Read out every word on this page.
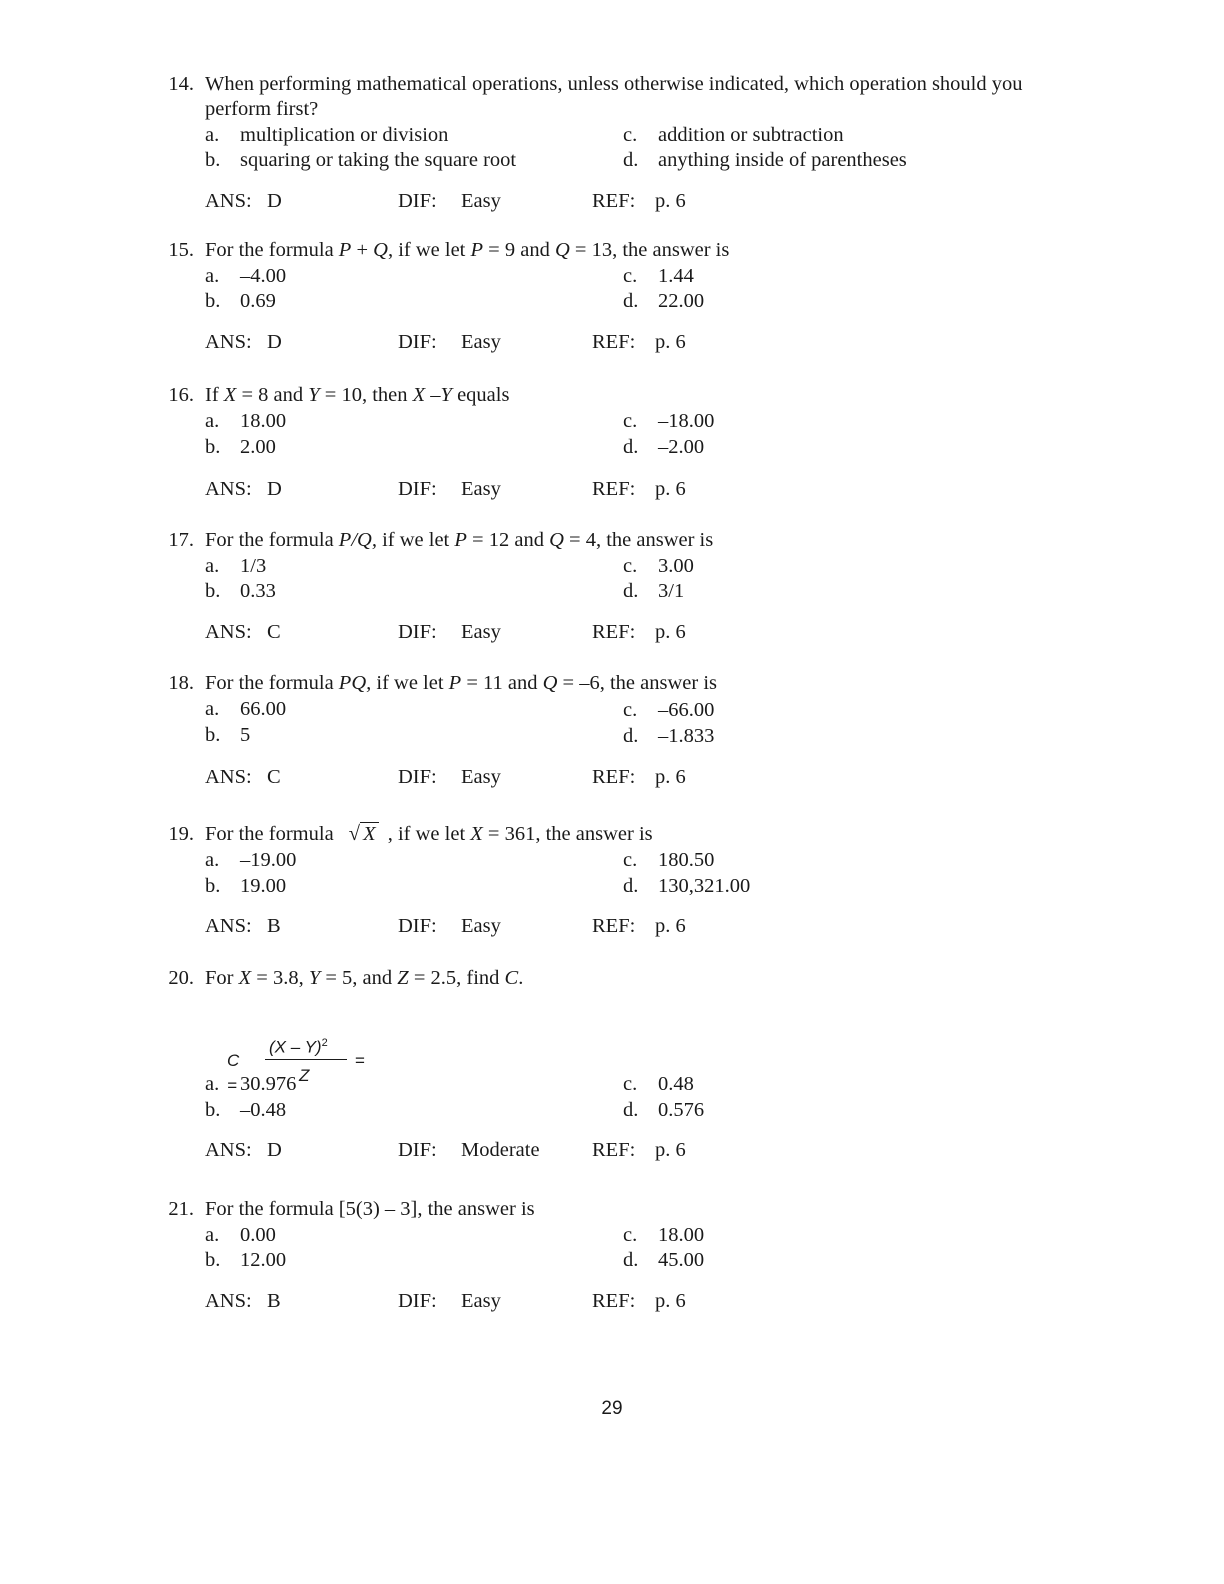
14. When performing mathematical operations, unless otherwise indicated, which operation should you
perform first?
a. multiplication or division
b. squaring or taking the square root
c. addition or subtraction
d. anything inside of parentheses
ANS: D	DIF: Easy	REF: p. 6
15. For the formula P + Q, if we let P = 9 and Q = 13, the answer is
a. –4.00
b. 0.69
c. 1.44
d. 22.00
ANS: D	DIF: Easy	REF: p. 6
16. If X = 8 and Y = 10, then X –Y equals
a. 18.00
b. 2.00
c. –18.00
d. –2.00
ANS: D	DIF: Easy	REF: p. 6
17. For the formula P/Q, if we let P = 12 and Q = 4, the answer is
a. 1/3
b. 0.33
c. 3.00
d. 3/1
ANS: C	DIF: Easy	REF: p. 6
18. For the formula PQ, if we let P = 11 and Q = –6, the answer is
a. 66.00
b. 5
c. –66.00
d. –1.833
ANS: C	DIF: Easy	REF: p. 6
19. For the formula √ X , if we let X = 361, the answer is
a. –19.00
b. 19.00
c. 180.50
d. 130,321.00
ANS: B	DIF: Easy	REF: p. 6
20. For X = 3.8, Y = 5, and Z = 2.5, find C.
C =
(X – Y)$^2$
Z
=
a. 30.976
b. –0.48
c. 0.48
d. 0.576
ANS: D	DIF: Moderate	REF: p. 6
21. For the formula [5(3) – 3], the answer is
a. 0.00
b. 12.00
c. 18.00
d. 45.00
ANS: B	DIF: Easy	REF: p. 6
29
